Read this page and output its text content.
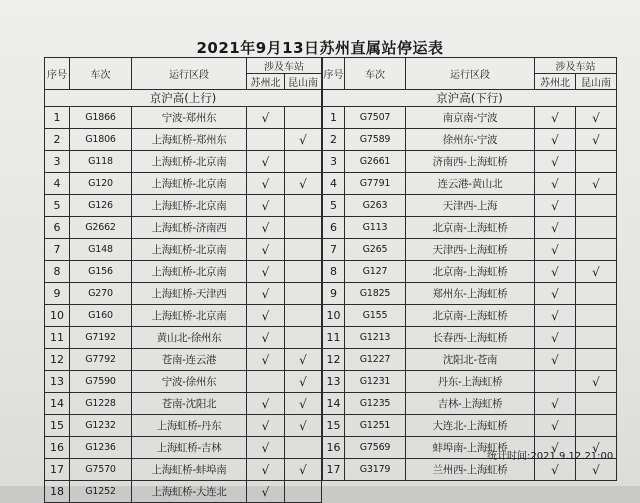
2021年9月13日苏州直属站停运表
序号	车次	运行区段	涉及车站	
			苏州北	昆山南
京沪高(上行)				
1	G1866	宁波-郑州东	√	
2	G1806	上海虹桥-郑州东		√
3	G118	上海虹桥-北京南	√	
4	G120	上海虹桥-北京南	√	√
5	G126	上海虹桥-北京南	√	
6	G2662	上海虹桥-济南西	√	
7	G148	上海虹桥-北京南	√	
8	G156	上海虹桥-北京南	√	
9	G270	上海虹桥-天津西	√	
10	G160	上海虹桥-北京南	√	
11	G7192	黄山北-徐州东	√	
12	G7792	苍南-连云港	√	√
13	G7590	宁波-徐州东		√
14	G1228	苍南-沈阳北	√	√
15	G1232	上海虹桥-丹东	√	√
16	G1236	上海虹桥-吉林	√	
17	G7570	上海虹桥-蚌埠南	√	√
18	G1252	上海虹桥-大连北	√	
序号	车次	运行区段	涉及车站	
			苏州北	昆山南
京沪高(下行)				
1	G7507	南京南-宁波	√	√
2	G7589	徐州东-宁波	√	√
3	G2661	济南西-上海虹桥	√	
4	G7791	连云港-黄山北	√	√
5	G263	天津西-上海	√	
6	G113	北京南-上海虹桥	√	
7	G265	天津西-上海虹桥	√	
8	G127	北京南-上海虹桥	√	√
9	G1825	郑州东-上海虹桥	√	
10	G155	北京南-上海虹桥	√	
11	G1213	长春西-上海虹桥	√	
12	G1227	沈阳北-苍南	√	
13	G1231	丹东-上海虹桥		√
14	G1235	吉林-上海虹桥	√	
15	G1251	大连北-上海虹桥	√	
16	G7569	蚌埠南-上海虹桥	√	√
17	G3179	兰州西-上海虹桥	√	√
统计时间:2021.9.12.21:00
